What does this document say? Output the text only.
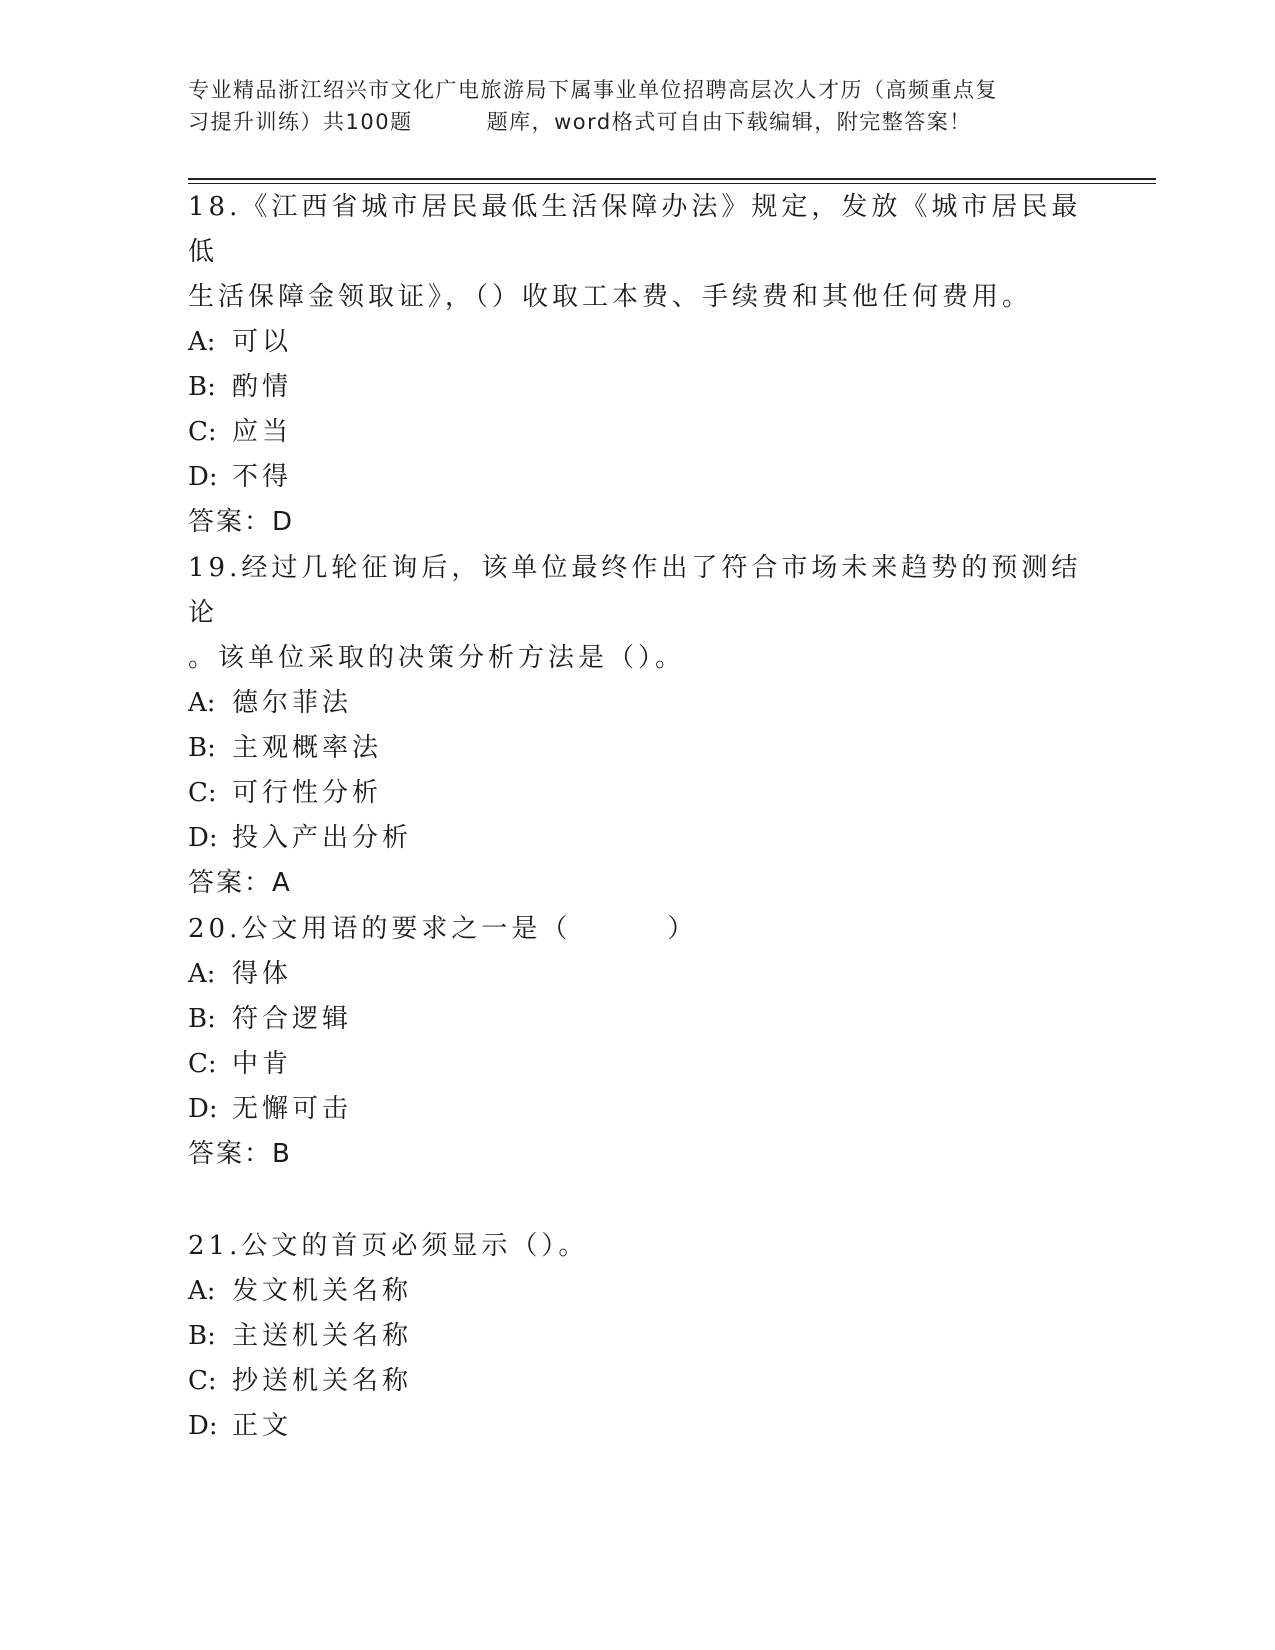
专业精品浙江绍兴市文化广电旅游局下属事业单位招聘高层次人才历（高频重点复
习提升训练）共100题	题库，word格式可自由下载编辑，附完整答案！
18.《江西省城市居民最低生活保障办法》规定，发放《城市居民最低
生活保障金领取证》，（）收取工本费、手续费和其他任何费用。
A: 可以
B: 酌情
C: 应当
D: 不得
答案：D
19.经过几轮征询后，该单位最终作出了符合市场未来趋势的预测结论
。该单位采取的决策分析方法是（）。
A: 德尔菲法
B: 主观概率法
C: 可行性分析
D: 投入产出分析
答案：A
20.公文用语的要求之一是（	）
A: 得体
B: 符合逻辑
C: 中肯
D: 无懈可击
答案：B
21.公文的首页必须显示（）。
A: 发文机关名称
B: 主送机关名称
C: 抄送机关名称
D: 正文
